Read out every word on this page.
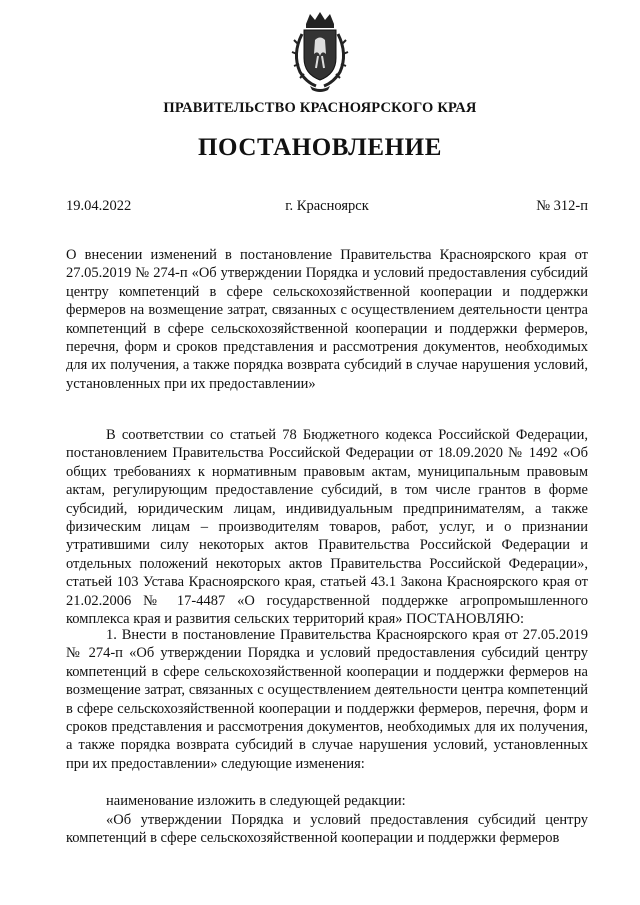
ПРАВИТЕЛЬСТВО КРАСНОЯРСКОГО КРАЯ
ПОСТАНОВЛЕНИЕ
19.04.2022	г. Красноярск	№ 312-п
О внесении изменений в постановление Правительства Красноярского края от 27.05.2019 № 274-п «Об утверждении Порядка и условий предоставления субсидий центру компетенций в сфере сельскохозяйственной кооперации и поддержки фермеров на возмещение затрат, связанных с осуществлением деятельности центра компетенций в сфере сельскохозяйственной кооперации и поддержки фермеров, перечня, форм и сроков представления и рассмотрения документов, необходимых для их получения, а также порядка возврата субсидий в случае нарушения условий, установленных при их предоставлении»
В соответствии со статьей 78 Бюджетного кодекса Российской Федерации, постановлением Правительства Российской Федерации от 18.09.2020 № 1492 «Об общих требованиях к нормативным правовым актам, муниципальным правовым актам, регулирующим предоставление субсидий, в том числе грантов в форме субсидий, юридическим лицам, индивидуальным предпринимателям, а также физическим лицам – производителям товаров, работ, услуг, и о признании утратившими силу некоторых актов Правительства Российской Федерации и отдельных положений некоторых актов Правительства Российской Федерации», статьей 103 Устава Красноярского края, статьей 43.1 Закона Красноярского края от 21.02.2006 № 17-4487 «О государственной поддержке агропромышленного комплекса края и развития сельских территорий края» ПОСТАНОВЛЯЮ:
1. Внести в постановление Правительства Красноярского края от 27.05.2019 № 274-п «Об утверждении Порядка и условий предоставления субсидий центру компетенций в сфере сельскохозяйственной кооперации и поддержки фермеров на возмещение затрат, связанных с осуществлением деятельности центра компетенций в сфере сельскохозяйственной кооперации и поддержки фермеров, перечня, форм и сроков представления и рассмотрения документов, необходимых для их получения, а также порядка возврата субсидий в случае нарушения условий, установленных при их предоставлении» следующие изменения:
наименование изложить в следующей редакции:
«Об утверждении Порядка и условий предоставления субсидий центру компетенций в сфере сельскохозяйственной кооперации и поддержки фермеров
